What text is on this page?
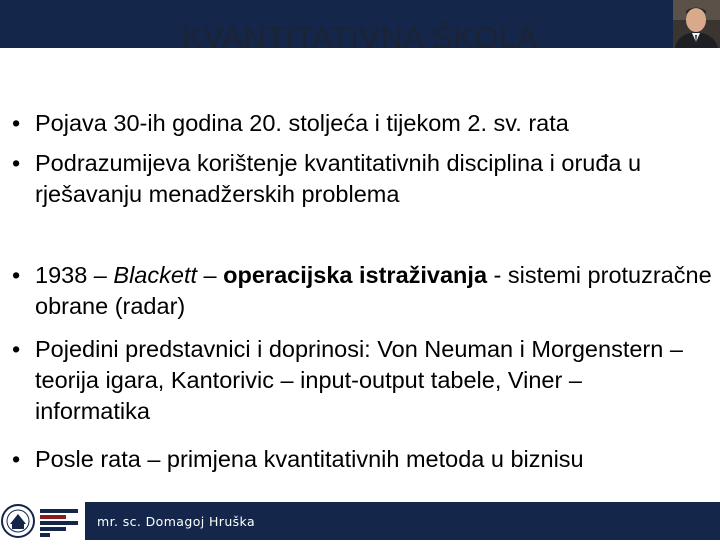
KVANTITATIVNA ŠKOLA
• Pojava 30-ih godina 20. stoljeća i tijekom 2. sv. rata
• Podrazumijeva korištenje kvantitativnih disciplina i oruđa u rješavanju menadžerskih problema
• 1938 – Blackett – operacijska istraživanja - sistemi protuzračne obrane (radar)
• Pojedini predstavnici i doprinosi: Von Neuman i Morgenstern – teorija igara, Kantorivic – input-output tabele, Viner – informatika
• Posle rata – primjena kvantitativnih metoda u biznisu
mr. sc. Domagoj Hruška
